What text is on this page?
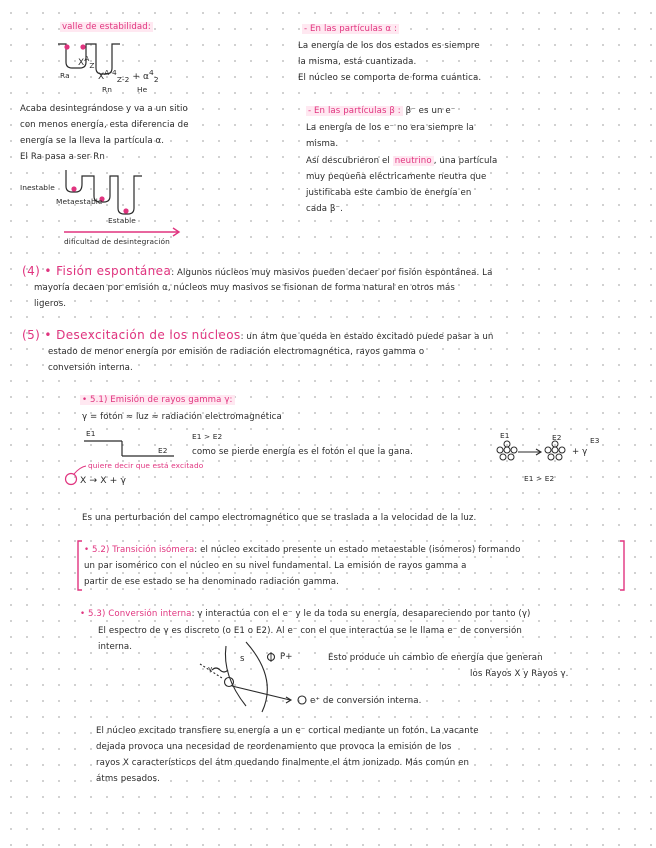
valle de estabilidad:
$X^A_Z$
Ra	$X^{A-4}_{Z-2} + \alpha^4_2$
Rn	He
Acaba desintegrándose y va a un sitio
con menos energía, esta diferencia de
energía se la lleva la partícula α.
El Ra pasa a ser Rn
Inestable
Metaestable
Estable
dificultad de desintegración
- En las partículas α :
La energía de los dos estados es siempre
la misma, está cuantizada.
El núcleo se comporta de forma cuántica.
- En las partículas β : β⁻ es un e⁻
La energía de los e⁻ no era siempre la
misma.
Así descubrieron el neutrino , una partícula
muy pequeña eléctricamente neutra que
justificaba este cambio de energía en
cada β⁻.
(4) • Fisión espontánea: Algunos núcleos muy masivos pueden decaer por fisión espontánea. La
mayoría decaen por emisión α, núcleos muy masivos se fisionan de forma natural en otros más
ligeros.
(5) • Desexcitación de los núcleos: un átm que queda en estado excitado puede pasar a un
estado de menor energía por emisión de radiación electromagnética, rayos gamma o
conversión interna.
• 5.1) Emisión de rayos gamma γ:
γ = fotón ≈ luz ≈ radiación electromagnética
E1
E2
E1 > E2
como se pierde energía es el fotón el que la gana.
E1	E2	E3
+ γ
E1 > E2
quiere decir que está excitado
X → X + γ
Es una perturbación del campo electromagnético que se traslada a la velocidad de la luz.
• 5.2) Transición isómera: el núcleo excitado presente un estado metaestable (isómeros) formando
un par isomérico con el núcleo en su nivel fundamental. La emisión de rayos gamma a
partir de ese estado se ha denominado radiación gamma.
• 5.3) Conversión interna: γ interactúa con el e⁻ y le da toda su energía, desapareciendo por tanto (γ)
El espectro de γ es discreto (o E1 o E2). Al e⁻ con el que interactúa se le llama e⁻ de conversión
interna.
s	P+
γ
Esto produce un cambio de energía que generan
los Rayos X y Rayos γ.
e⁺ de conversión interna.
El núcleo excitado transfiere su energía a un e⁻ cortical mediante un fotón. La vacante
dejada provoca una necesidad de reordenamiento que provoca la emisión de los
rayos X característicos del átm quedando finalmente el átm ionizado. Más común en
átms pesados.
